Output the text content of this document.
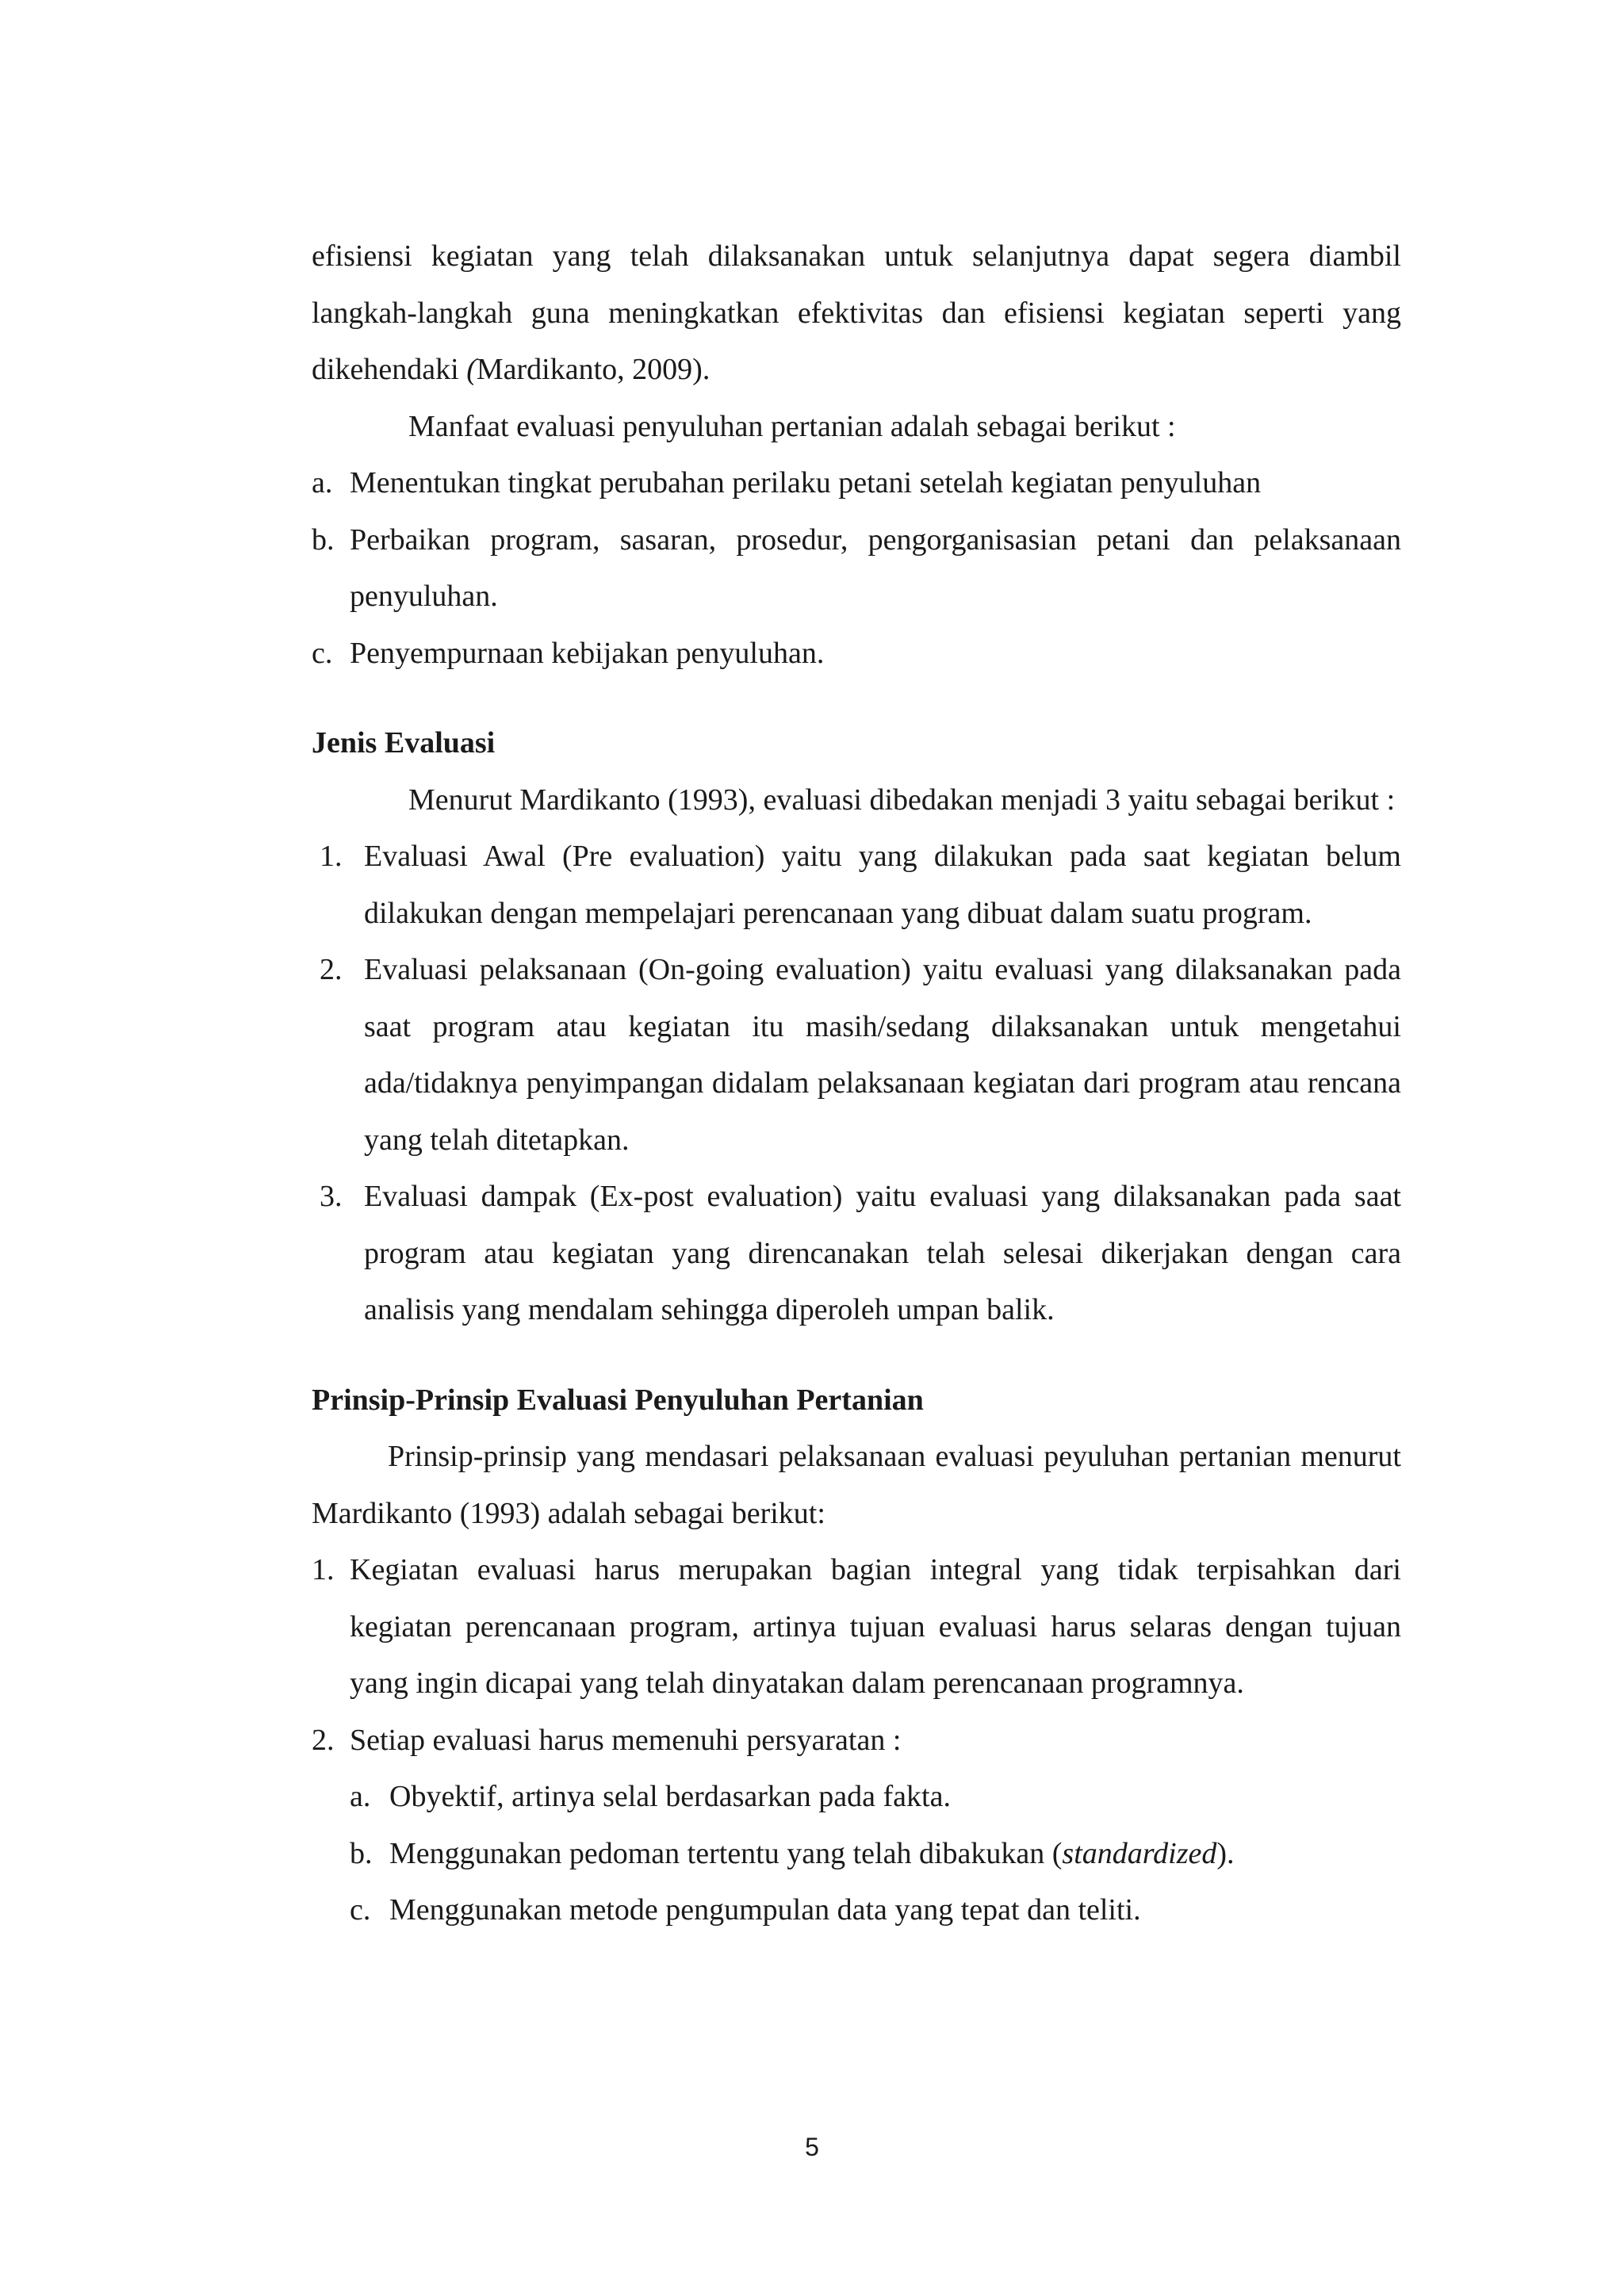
efisiensi kegiatan yang telah dilaksanakan untuk selanjutnya dapat segera diambil langkah-langkah guna meningkatkan efektivitas dan efisiensi kegiatan seperti yang dikehendaki (Mardikanto, 2009).
Manfaat evaluasi penyuluhan pertanian adalah sebagai berikut :
a. Menentukan tingkat perubahan perilaku petani setelah kegiatan penyuluhan
b. Perbaikan program, sasaran, prosedur, pengorganisasian petani dan pelaksanaan penyuluhan.
c. Penyempurnaan kebijakan penyuluhan.
Jenis Evaluasi
Menurut Mardikanto (1993), evaluasi dibedakan menjadi 3 yaitu sebagai berikut :
1. Evaluasi Awal (Pre evaluation) yaitu yang dilakukan pada saat kegiatan belum dilakukan dengan mempelajari perencanaan yang dibuat dalam suatu program.
2. Evaluasi pelaksanaan (On-going evaluation) yaitu evaluasi yang dilaksanakan pada saat program atau kegiatan itu masih/sedang dilaksanakan untuk mengetahui ada/tidaknya penyimpangan didalam pelaksanaan kegiatan dari program atau rencana yang telah ditetapkan.
3. Evaluasi dampak (Ex-post evaluation) yaitu evaluasi yang dilaksanakan pada saat program atau kegiatan yang direncanakan telah selesai dikerjakan dengan cara analisis yang mendalam sehingga diperoleh umpan balik.
Prinsip-Prinsip Evaluasi Penyuluhan Pertanian
Prinsip-prinsip yang mendasari pelaksanaan evaluasi peyuluhan pertanian menurut Mardikanto (1993) adalah sebagai berikut:
1. Kegiatan evaluasi harus merupakan bagian integral yang tidak terpisahkan dari kegiatan perencanaan program, artinya tujuan evaluasi harus selaras dengan tujuan yang ingin dicapai yang telah dinyatakan dalam perencanaan programnya.
2. Setiap evaluasi harus memenuhi persyaratan :
a. Obyektif, artinya selal berdasarkan pada fakta.
b. Menggunakan pedoman tertentu yang telah dibakukan (standardized).
c. Menggunakan metode pengumpulan data yang tepat dan teliti.
5
